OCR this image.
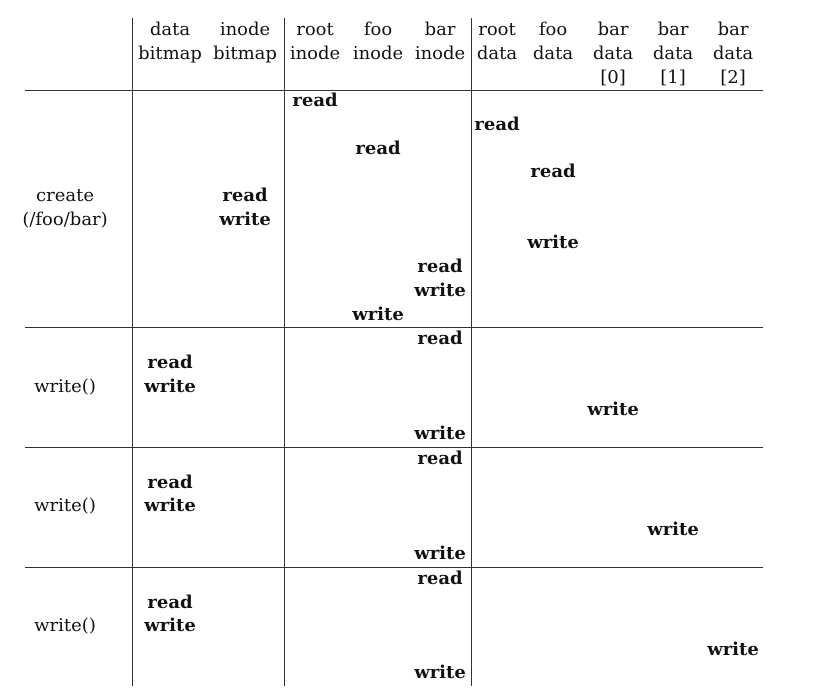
data
bitmap
inode
bitmap
root
inode
foo
inode
bar
inode
root
data
foo
data
bar
data
[0]
bar
data
[1]
bar
data
[2]
create
(/foo/bar)
write()
write()
write()
read
read
read
read
read
write
write
read
write
write
read
read
write
write
write
read
read
write
write
write
read
read
write
write
write
